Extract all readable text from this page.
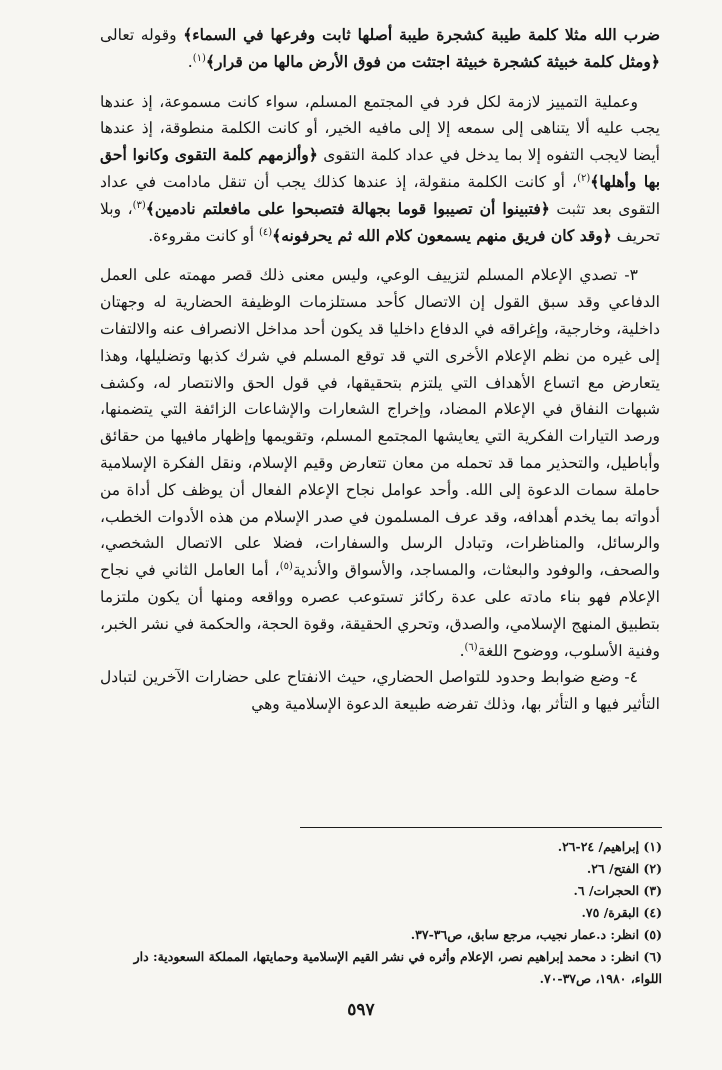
ضرب الله مثلا كلمة طيبة كشجرة طيبة أصلها ثابت وفرعها في السماء﴾ وقوله تعالى ﴿ومثل كلمة خبيثة كشجرة خبيثة اجتثت من فوق الأرض مالها من قرار﴾$^{(١)}$.

وعملية التمييز لازمة لكل فرد في المجتمع المسلم، سواء كانت مسموعة، إذ عندها يجب عليه ألا يتناهى إلى سمعه إلا إلى مافيه الخير، أو كانت الكلمة منطوقة، إذ عندها أيضا لايجب التفوه إلا بما يدخل في عداد كلمة التقوى ﴿وألزمهم كلمة التقوى وكانوا أحق بها وأهلها﴾$^{(٢)}$، أو كانت الكلمة منقولة، إذ عندها كذلك يجب أن تنقل مادامت في عداد التقوى بعد تثبت ﴿فتبينوا أن تصيبوا قوما بجهالة فتصبحوا على مافعلتم نادمين﴾$^{(٣)}$، وبلا تحريف ﴿وقد كان فريق منهم يسمعون كلام الله ثم يحرفونه﴾$^{(٤)}$ أو كانت مقروءة.

٣- تصدي الإعلام المسلم لتزييف الوعي، وليس معنى ذلك قصر مهمته على العمل الدفاعي وقد سبق القول إن الاتصال كأحد مستلزمات الوظيفة الحضارية له وجهتان داخلية، وخارجية، وإغراقه في الدفاع داخليا قد يكون أحد مداخل الانصراف عنه والالتفات إلى غيره من نظم الإعلام الأخرى التي قد توقع المسلم في شرك كذبها وتضليلها، وهذا يتعارض مع اتساع الأهداف التي يلتزم بتحقيقها، في قول الحق والانتصار له، وكشف شبهات النفاق في الإعلام المضاد، وإخراج الشعارات والإشاعات الزائفة التي يتضمنها، ورصد التيارات الفكرية التي يعايشها المجتمع المسلم، وتقويمها وإظهار مافيها من حقائق وأباطيل، والتحذير مما قد تحمله من معان تتعارض وقيم الإسلام، ونقل الفكرة الإسلامية حاملة سمات الدعوة إلى الله. وأحد عوامل نجاح الإعلام الفعال أن يوظف كل أداة من أدواته بما يخدم أهدافه، وقد عرف المسلمون في صدر الإسلام من هذه الأدوات الخطب، والرسائل، والمناظرات، وتبادل الرسل والسفارات، فضلا على الاتصال الشخصي، والصحف، والوفود والبعثات، والمساجد، والأسواق والأندية$^{(٥)}$، أما العامل الثاني في نجاح الإعلام فهو بناء مادته على عدة ركائز تستوعب عصره وواقعه ومنها أن يكون ملتزما بتطبيق المنهج الإسلامي، والصدق، وتحري الحقيقة، وقوة الحجة، والحكمة في نشر الخبر، وفنية الأسلوب، ووضوح اللغة$^{(٦)}$.

٤- وضع ضوابط وحدود للتواصل الحضاري، حيث الانفتاح على حضارات الآخرين لتبادل التأثير فيها و التأثر بها، وذلك تفرضه طبيعة الدعوة الإسلامية وهي

(١) إبراهيم/ ٢٤-٢٦.

(٢) الفتح/ ٢٦.

(٣) الحجرات/ ٦.

(٤) البقرة/ ٧٥.

(٥) انظر: د.عمار نجيب، مرجع سابق، ص٣٦-٣٧.

(٦) انظر: د محمد إبراهيم نصر، الإعلام وأثره في نشر القيم الإسلامية وحمايتها، المملكة السعودية: دار اللواء، ١٩٨٠، ص٣٧-٧٠.

٥٩٧
